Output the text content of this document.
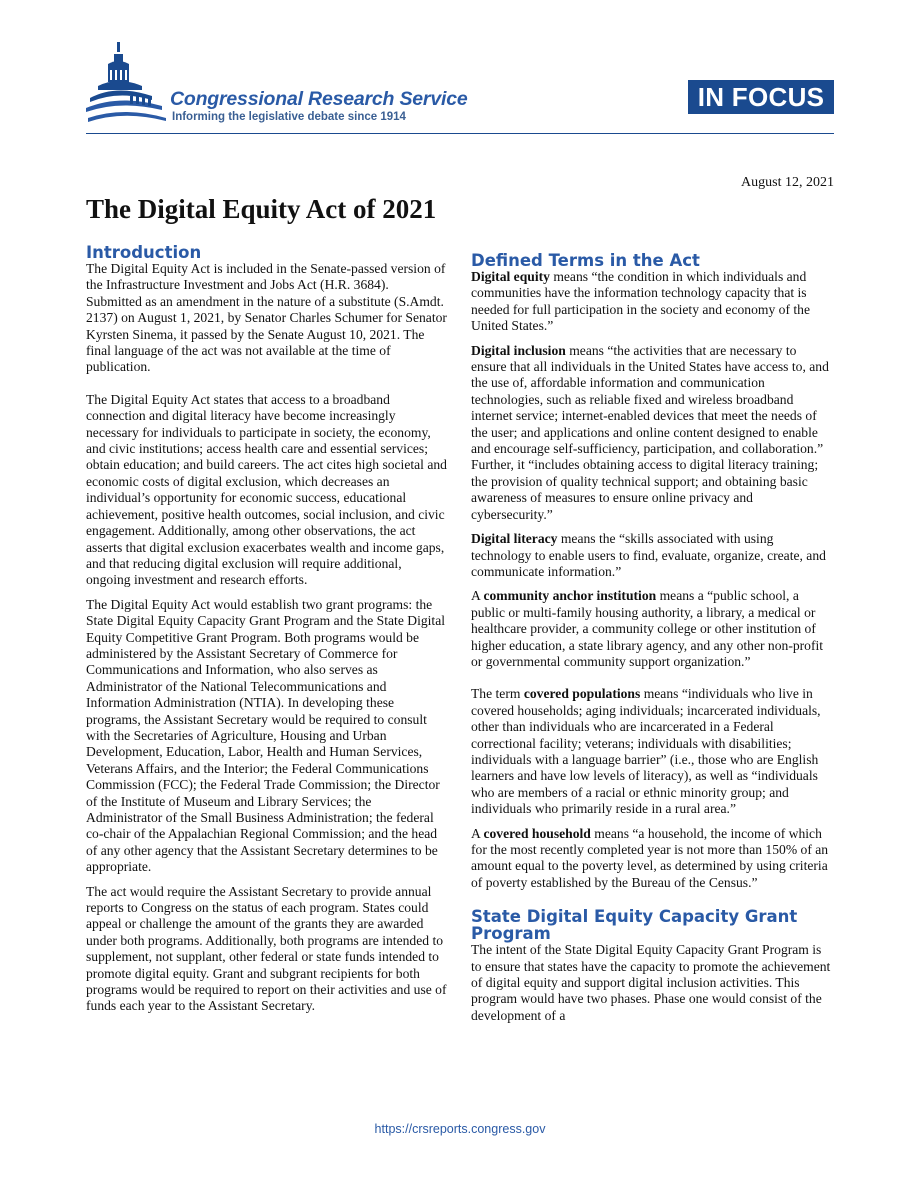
Congressional Research Service
Informing the legislative debate since 1914
IN FOCUS
August 12, 2021
The Digital Equity Act of 2021
Introduction

The Digital Equity Act is included in the Senate-passed version of the Infrastructure Investment and Jobs Act (H.R. 3684). Submitted as an amendment in the nature of a substitute (S.Amdt. 2137) on August 1, 2021, by Senator Charles Schumer for Senator Kyrsten Sinema, it passed by the Senate August 10, 2021. The final language of the act was not available at the time of publication.

The Digital Equity Act states that access to a broadband connection and digital literacy have become increasingly necessary for individuals to participate in society, the economy, and civic institutions; access health care and essential services; obtain education; and build careers. The act cites high societal and economic costs of digital exclusion, which decreases an individual’s opportunity for economic success, educational achievement, positive health outcomes, social inclusion, and civic engagement. Additionally, among other observations, the act asserts that digital exclusion exacerbates wealth and income gaps, and that reducing digital exclusion will require additional, ongoing investment and research efforts.

The Digital Equity Act would establish two grant programs: the State Digital Equity Capacity Grant Program and the State Digital Equity Competitive Grant Program. Both programs would be administered by the Assistant Secretary of Commerce for Communications and Information, who also serves as Administrator of the National Telecommunications and Information Administration (NTIA). In developing these programs, the Assistant Secretary would be required to consult with the Secretaries of Agriculture, Housing and Urban Development, Education, Labor, Health and Human Services, Veterans Affairs, and the Interior; the Federal Communications Commission (FCC); the Federal Trade Commission; the Director of the Institute of Museum and Library Services; the Administrator of the Small Business Administration; the federal co-chair of the Appalachian Regional Commission; and the head of any other agency that the Assistant Secretary determines to be appropriate.

The act would require the Assistant Secretary to provide annual reports to Congress on the status of each program. States could appeal or challenge the amount of the grants they are awarded under both programs. Additionally, both programs are intended to supplement, not supplant, other federal or state funds intended to promote digital equity. Grant and subgrant recipients for both programs would be required to report on their activities and use of funds each year to the Assistant Secretary.

Defined Terms in the Act

Digital equity means “the condition in which individuals and communities have the information technology capacity that is needed for full participation in the society and economy of the United States.”

Digital inclusion means “the activities that are necessary to ensure that all individuals in the United States have access to, and the use of, affordable information and communication technologies, such as reliable fixed and wireless broadband internet service; internet-enabled devices that meet the needs of the user; and applications and online content designed to enable and encourage self-sufficiency, participation, and collaboration.” Further, it “includes obtaining access to digital literacy training; the provision of quality technical support; and obtaining basic awareness of measures to ensure online privacy and cybersecurity.”

Digital literacy means the “skills associated with using technology to enable users to find, evaluate, organize, create, and communicate information.”

A community anchor institution means a “public school, a public or multi-family housing authority, a library, a medical or healthcare provider, a community college or other institution of higher education, a state library agency, and any other non-profit or governmental community support organization.”

The term covered populations means “individuals who live in covered households; aging individuals; incarcerated individuals, other than individuals who are incarcerated in a Federal correctional facility; veterans; individuals with disabilities; individuals with a language barrier” (i.e., those who are English learners and have low levels of literacy), as well as “individuals who are members of a racial or ethnic minority group; and individuals who primarily reside in a rural area.”

A covered household means “a household, the income of which for the most recently completed year is not more than 150% of an amount equal to the poverty level, as determined by using criteria of poverty established by the Bureau of the Census.”

State Digital Equity Capacity Grant Program

The intent of the State Digital Equity Capacity Grant Program is to ensure that states have the capacity to promote the achievement of digital equity and support digital inclusion activities. This program would have two phases. Phase one would consist of the development of a

https://crsreports.congress.gov
